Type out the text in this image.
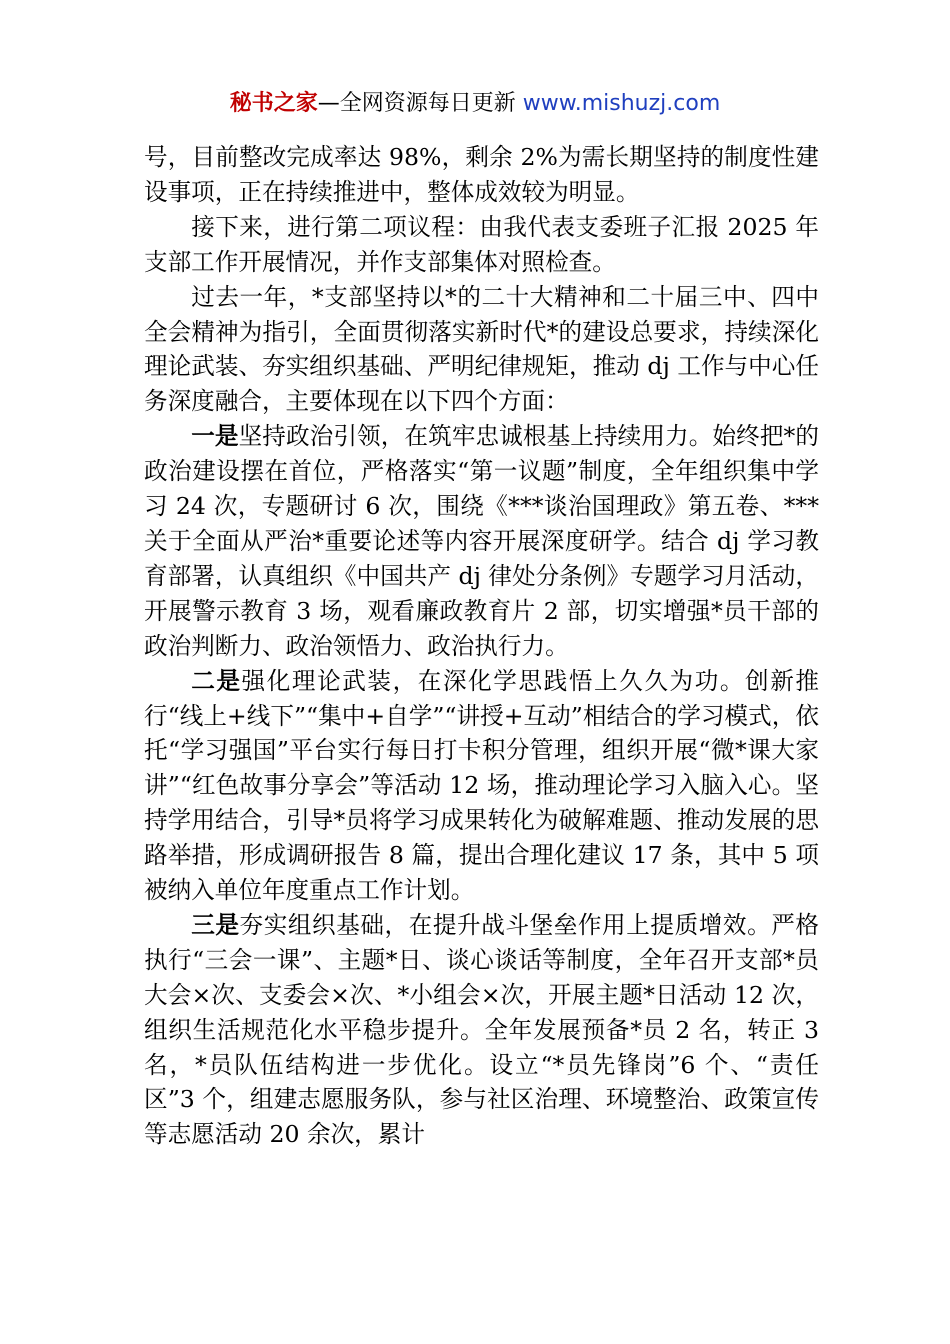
秘书之家—全网资源每日更新 www.mishuzj.com

号，目前整改完成率达 98%，剩余 2%为需长期坚持的制度性建设事项，正在持续推进中，整体成效较为明显。

接下来，进行第二项议程：由我代表支委班子汇报 2025 年支部工作开展情况，并作支部集体对照检查。

过去一年，*支部坚持以*的二十大精神和二十届三中、四中全会精神为指引，全面贯彻落实新时代*的建设总要求，持续深化理论武装、夯实组织基础、严明纪律规矩，推动 dj 工作与中心任务深度融合，主要体现在以下四个方面：

一是坚持政治引领，在筑牢忠诚根基上持续用力。始终把*的政治建设摆在首位，严格落实“第一议题”制度，全年组织集中学习 24 次，专题研讨 6 次，围绕《***谈治国理政》第五卷、***关于全面从严治*重要论述等内容开展深度研学。结合 dj 学习教育部署，认真组织《中国共产 dj 律处分条例》专题学习月活动，开展警示教育 3 场，观看廉政教育片 2 部，切实增强*员干部的政治判断力、政治领悟力、政治执行力。

二是强化理论武装，在深化学思践悟上久久为功。创新推行“线上+线下”“集中+自学”“讲授+互动”相结合的学习模式，依托“学习强国”平台实行每日打卡积分管理，组织开展“微*课大家讲”“红色故事分享会”等活动 12 场，推动理论学习入脑入心。坚持学用结合，引导*员将学习成果转化为破解难题、推动发展的思路举措，形成调研报告 8 篇，提出合理化建议 17 条，其中 5 项被纳入单位年度重点工作计划。

三是夯实组织基础，在提升战斗堡垒作用上提质增效。严格执行“三会一课”、主题*日、谈心谈话等制度，全年召开支部*员大会×次、支委会×次、*小组会×次，开展主题*日活动 12 次，组织生活规范化水平稳步提升。全年发展预备*员 2 名，转正 3 名，*员队伍结构进一步优化。设立“*员先锋岗”6 个、“责任区”3 个，组建志愿服务队，参与社区治理、环境整治、政策宣传等志愿活动 20 余次，累计
